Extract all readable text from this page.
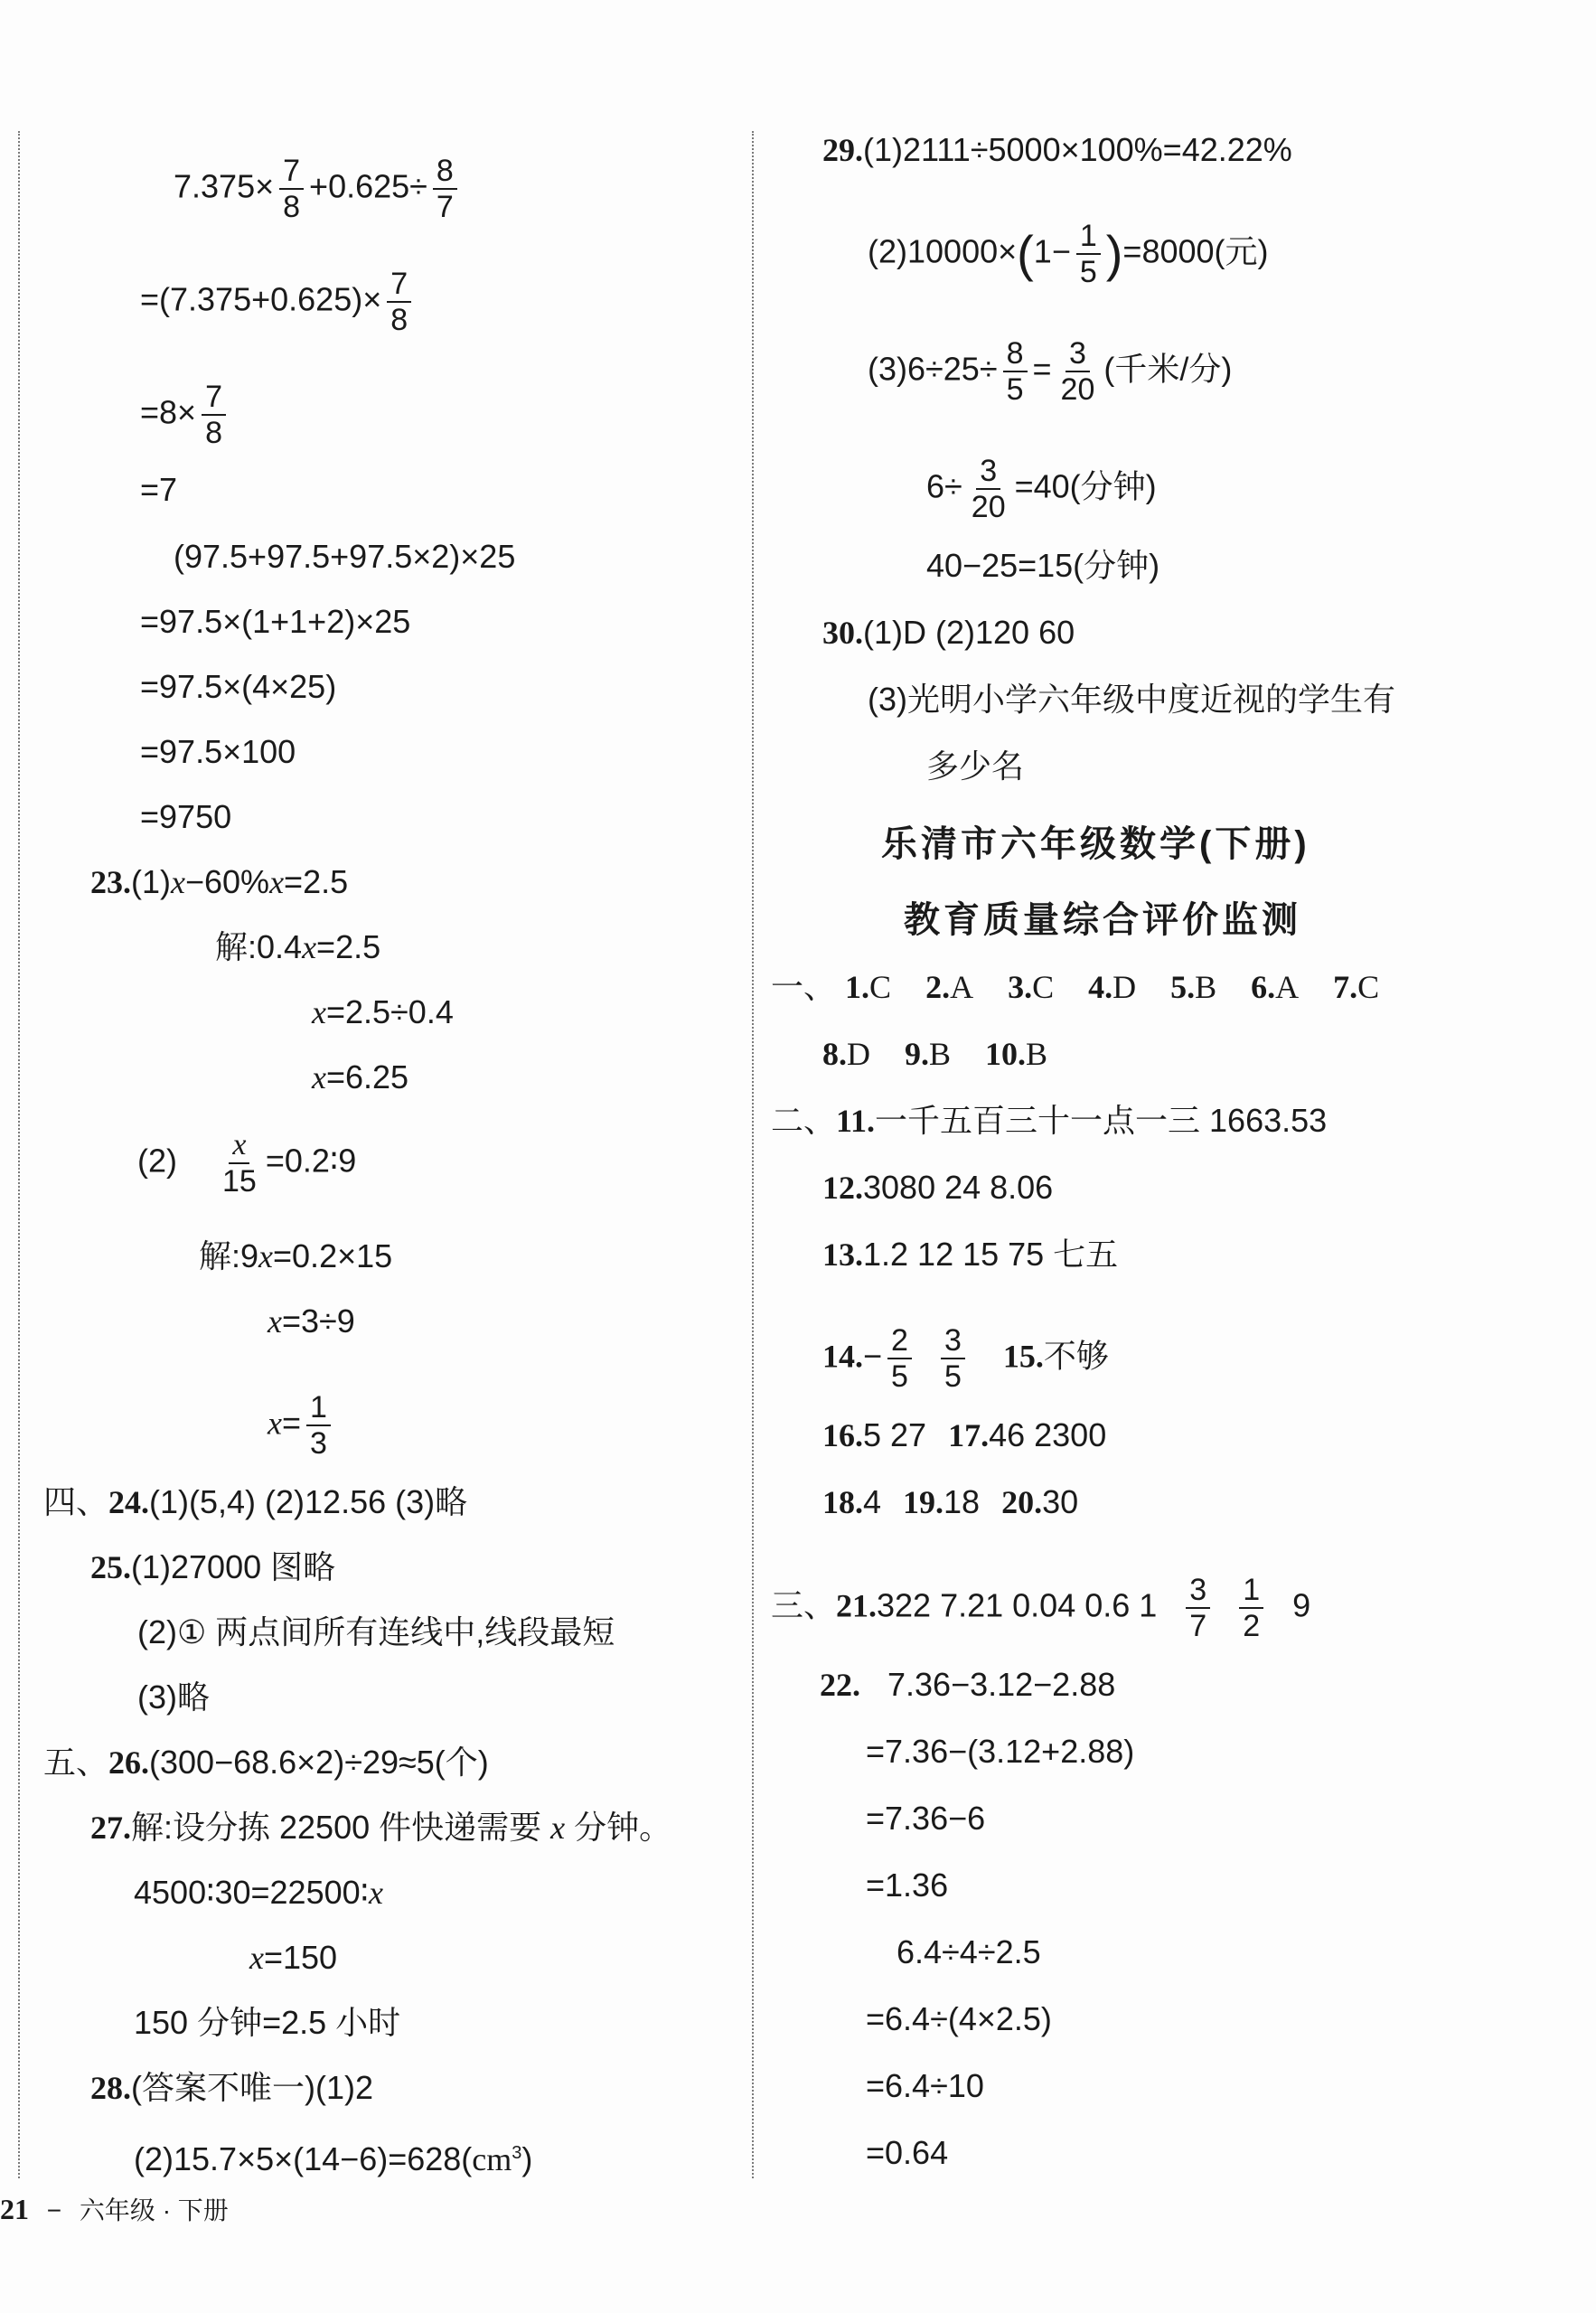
$7.375\times \frac{7}{8} +0.625\div \frac{8}{7}$
$=(7.375+0.625)\times \frac{7}{8}$
$=8\times \frac{7}{8}$
=7
(97.5+97.5+97.5×2)×25
=97.5×(1+1+2)×25
=97.5×(4×25)
=97.5×100
=9750
23.(1)x−60%x=2.5
解:0.4x=2.5
x=2.5÷0.4
x=6.25
$(2) \frac{x}{15}$ =0.2∶9
解:9x=0.2×15
x=3÷9
$x= \frac{1}{3}$
四、24.(1)(5,4) (2)12.56 (3)略
25.(1)27000 图略
(2)① 两点间所有连线中,线段最短
(3)略
五、26.(300−68.6×2)÷29≈5(个)
27.解:设分拣 22500 件快递需要 x 分钟。
4500∶30=22500∶x
x=150
150 分钟=2.5 小时
28.(答案不唯一)(1)2
$(2)15.7\times 5\times(14-6)=628(cm^3)$
29.(1)2111÷5000×100%=42.22%
$(2)10000\times(1- \frac{1}{5} )=8000$(元)
$(3)6\div 25\div \frac{8}{5} = \frac{3}{20}$ (千米/分)
$6\div \frac{3}{20} =40$(分钟)
40−25=15(分钟)
30.(1)D (2)120 60
(3)光明小学六年级中度近视的学生有
多少名
乐清市六年级数学(下册)
教育质量综合评价监测
一、 1.C 2.A 3.C 4.D 5.B 6.A 7.C
8.D 9.B 10.B
二、11.一千五百三十一点一三 1663.53
12.3080 24 8.06
13.1.2 12 15 75 七五
$14.- \frac{2}{5} \frac{3}{5} 15$.不够
16.5 27 17.46 2300
18.4 19.18 20.30
三、21.322 7.21 0.04 0.6 $1 \frac{3}{7} \frac{1}{2} 9$
22. 7.36−3.12−2.88
=7.36−(3.12+2.88)
=7.36−6
=1.36
6.4÷4÷2.5
=6.4÷(4×2.5)
=6.4÷10
=0.64
21 − 六年级 · 下册
